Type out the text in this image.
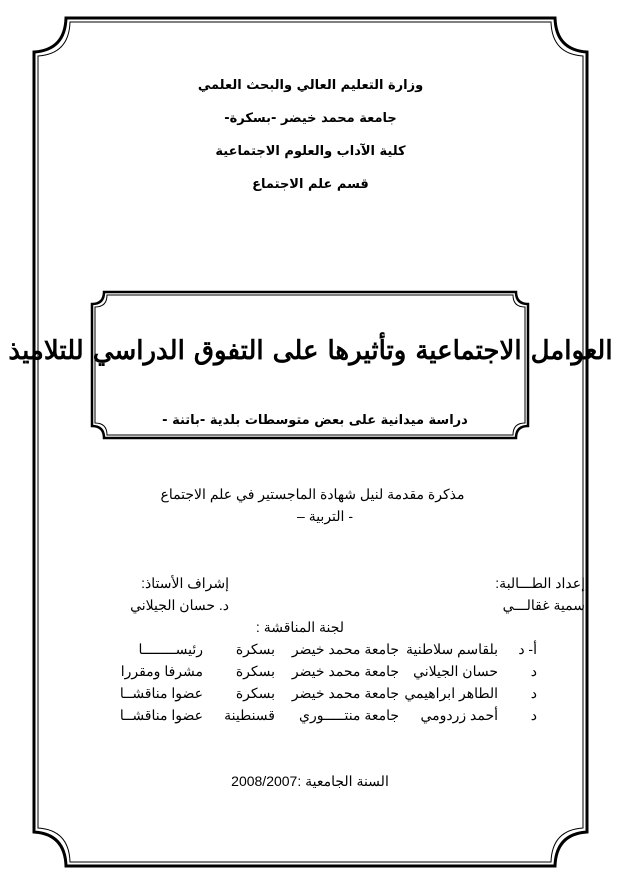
وزارة التعليم العالي والبحث العلمي
جامعة محمد خيضر -بسكرة-
كلية الآداب والعلوم الاجتماعية
قسم علم الاجتماع
العوامل الاجتماعية وتأثيرها على التفوق الدراسي للتلاميذ
دراسة ميدانية على بعض متوسطات بلدية -باتنة -
مذكرة مقدمة لنيل شهادة الماجستير في علم الاجتماع
- التربية –
إعداد الطـــالبة:
سمية غقالـــي
إشراف الأستاذ:
د. حسان الجيلاني
لجنة المناقشة :
أ- د
بلقاسم سلاطنية
جامعة محمد خيضر
بسكرة
رئيســــــــا
د
حسان الجيلاني
جامعة محمد خيضر
بسكرة
مشرفا ومقررا
د
الطاهر ابراهيمي
جامعة محمد خيضر
بسكرة
عضوا مناقشــا
د
أحمد زردومي
جامعة منتـــــوري
قسنطينة
عضوا مناقشــا
السنة الجامعية :2008/2007
